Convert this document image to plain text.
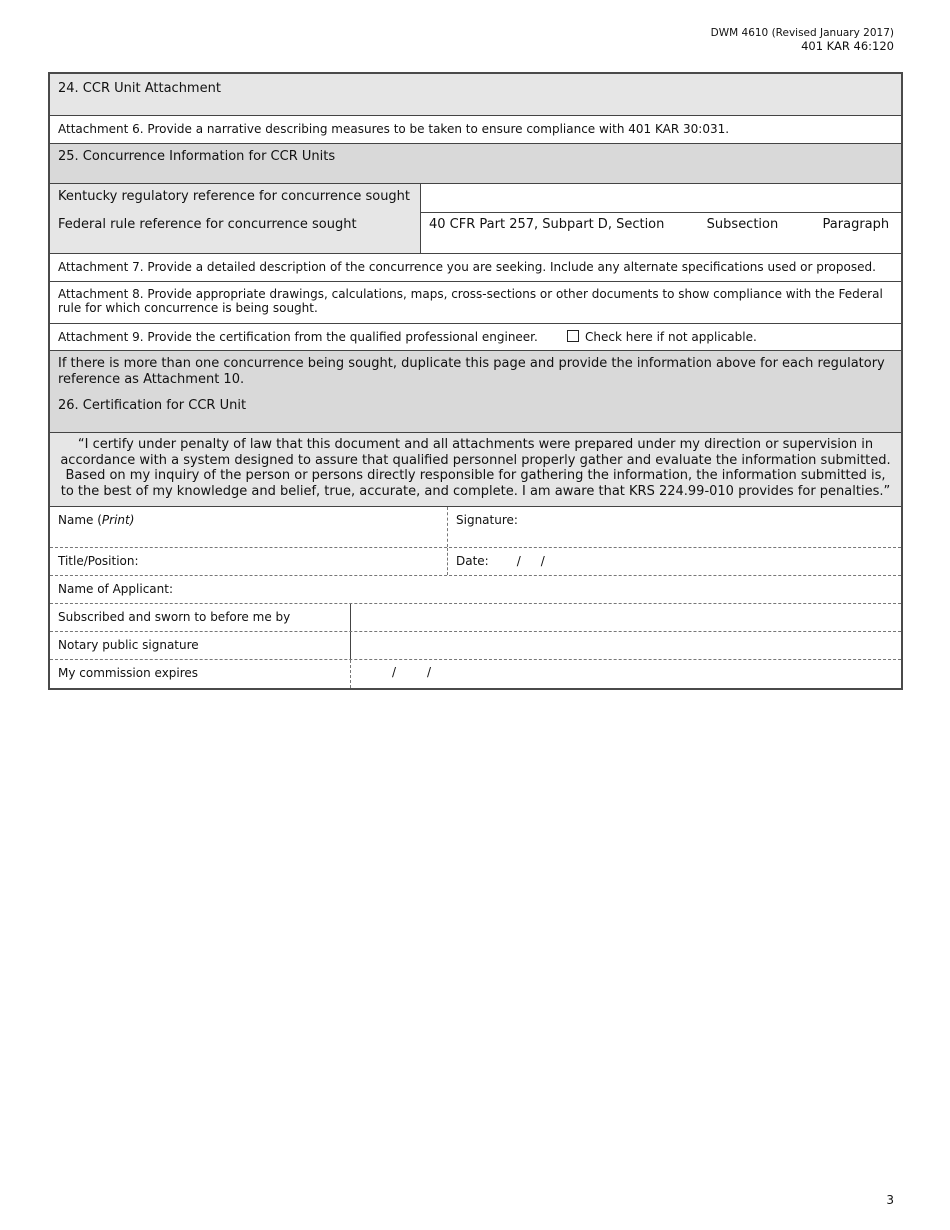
DWM 4610 (Revised January 2017)
401 KAR 46:120
24. CCR Unit Attachment
Attachment 6. Provide a narrative describing measures to be taken to ensure compliance with 401 KAR 30:031.
25. Concurrence Information for CCR Units
Kentucky regulatory reference for concurrence sought
Federal rule reference for concurrence sought	40 CFR Part 257, Subpart D, Section	Subsection	Paragraph
Attachment 7. Provide a detailed description of the concurrence you are seeking. Include any alternate specifications used or proposed.
Attachment 8. Provide appropriate drawings, calculations, maps, cross-sections or other documents to show compliance with the Federal rule for which concurrence is being sought.
Attachment 9. Provide the certification from the qualified professional engineer.	Check here if not applicable.
If there is more than one concurrence being sought, duplicate this page and provide the information above for each regulatory reference as Attachment 10.
26. Certification for CCR Unit
“I certify under penalty of law that this document and all attachments were prepared under my direction or supervision in accordance with a system designed to assure that qualified personnel properly gather and evaluate the information submitted. Based on my inquiry of the person or persons directly responsible for gathering the information, the information submitted is, to the best of my knowledge and belief, true, accurate, and complete. I am aware that KRS 224.99-010 provides for penalties.”
Name (Print)	Signature:
Title/Position:	Date: / /
Name of Applicant:
Subscribed and sworn to before me by
Notary public signature
My commission expires	/	/
3
